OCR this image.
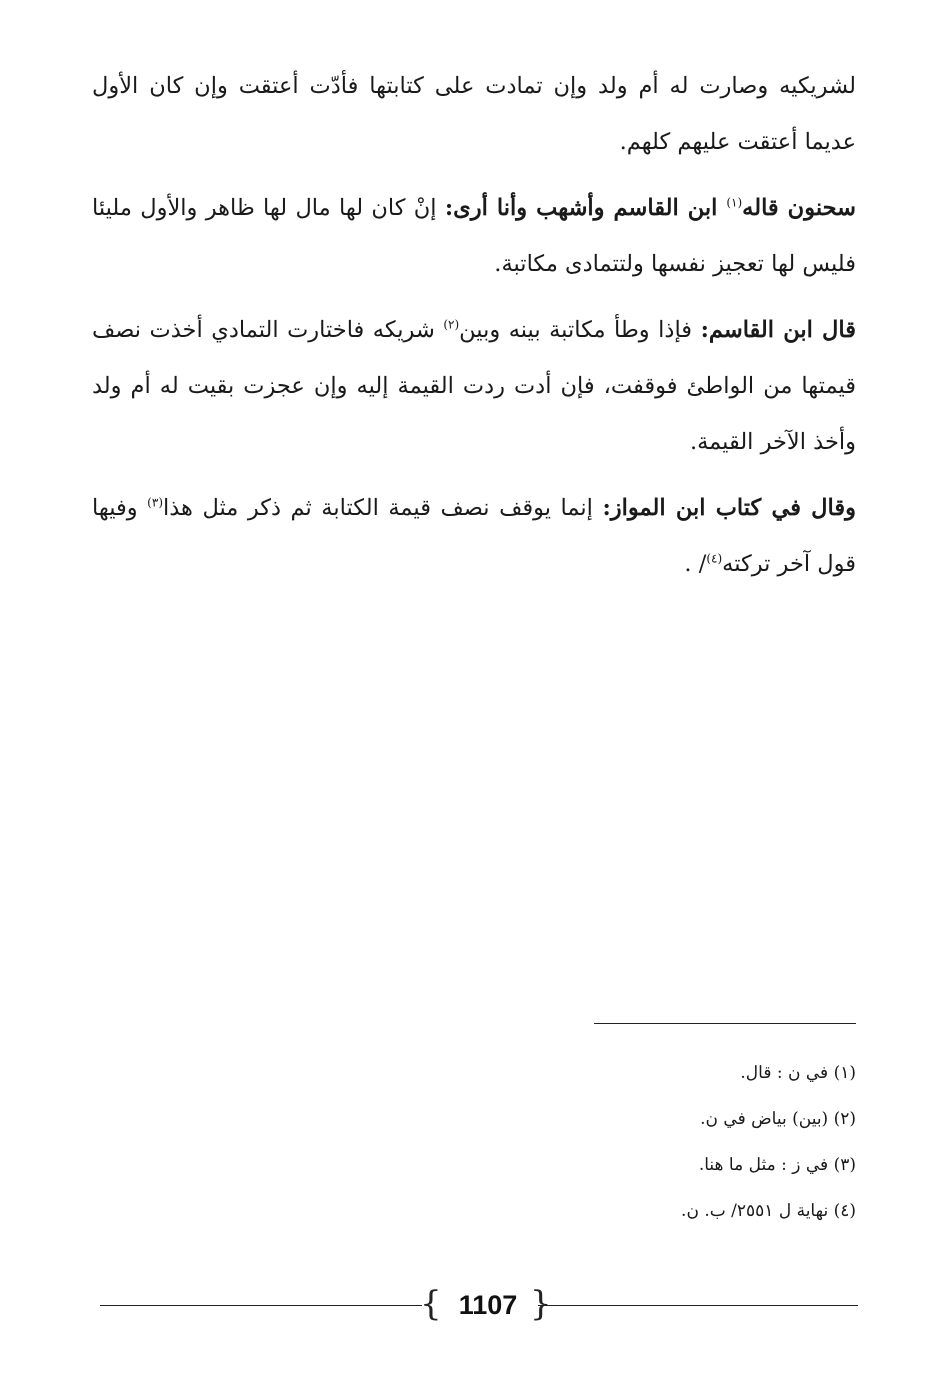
لشريكيه وصارت له أم ولد وإن تمادت على كتابتها فأدّت أعتقت وإن كان الأول عديما أعتقت عليهم كلهم.

سحنون قاله$^{(١)}$ ابن القاسم وأشهب وأنا أرى: إنْ كان لها مال لها ظاهر والأول مليئا فليس لها تعجيز نفسها ولتتمادى مكاتبة.

قال ابن القاسم: فإذا وطأ مكاتبة بينه وبين$^{(٢)}$ شريكه فاختارت التمادي أخذت نصف قيمتها من الواطئ فوقفت، فإن أدت ردت القيمة إليه وإن عجزت بقيت له أم ولد وأخذ الآخر القيمة.

وقال في كتاب ابن المواز: إنما يوقف نصف قيمة الكتابة ثم ذكر مثل هذا$^{(٣)}$ وفيها قول آخر تركته$^{(٤)}$/ .

(١) في ن : قال.
(٢) (بين) بياض في ن.
(٣) في ز : مثل ما هنا.
(٤) نهاية ل ٢٥٥١/ ب. ن.
{ 1107 }
